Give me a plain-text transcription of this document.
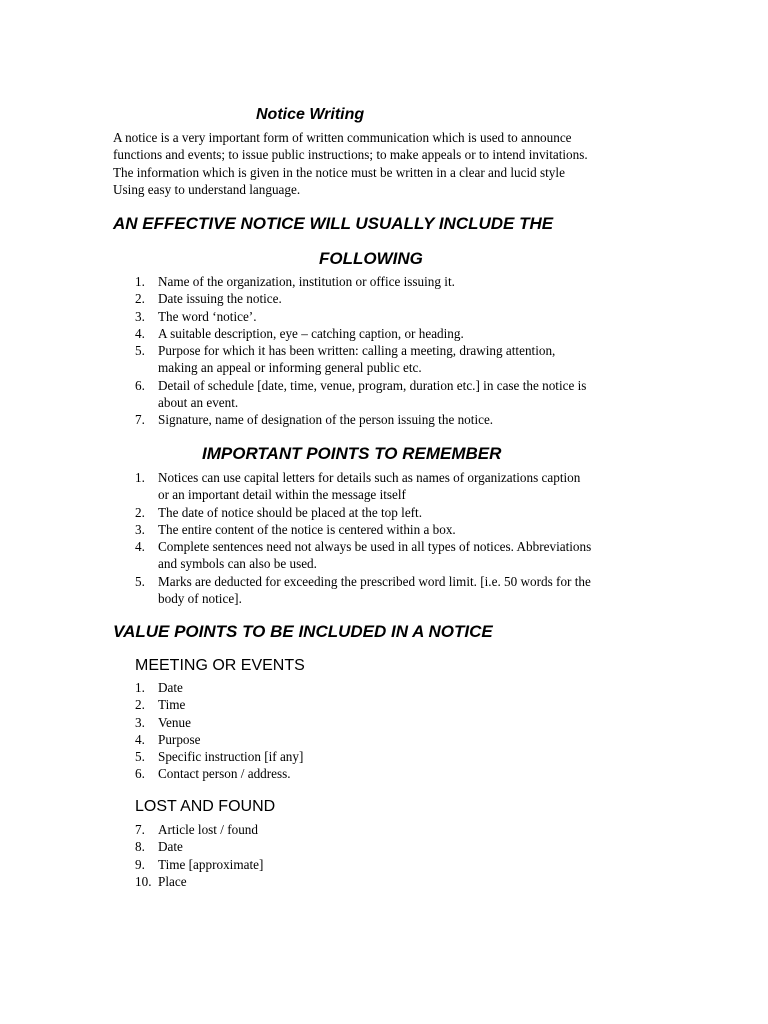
Notice Writing
A notice is a very important form of written communication which is used to announce
functions and events; to issue public instructions; to make appeals or to intend invitations.
The information which is given in the notice must be written in a clear and lucid style
Using easy to understand language.
AN EFFECTIVE NOTICE WILL USUALLY INCLUDE THE
FOLLOWING
1. Name of the organization, institution or office issuing it.
2. Date issuing the notice.
3. The word ‘notice’.
4. A suitable description, eye – catching caption, or heading.
5. Purpose for which it has been written: calling a meeting, drawing attention,
making an appeal or informing general public etc.
6. Detail of schedule [date, time, venue, program, duration etc.] in case the notice is
about an event.
7. Signature, name of designation of the person issuing the notice.
IMPORTANT POINTS TO REMEMBER
1. Notices can use capital letters for details such as names of organizations caption
or an important detail within the message itself
2. The date of notice should be placed at the top left.
3. The entire content of the notice is centered within a box.
4. Complete sentences need not always be used in all types of notices. Abbreviations
and symbols can also be used.
5. Marks are deducted for exceeding the prescribed word limit. [i.e. 50 words for the
body of notice].
VALUE POINTS TO BE INCLUDED IN A NOTICE
MEETING OR EVENTS
1. Date
2. Time
3. Venue
4. Purpose
5. Specific instruction [if any]
6. Contact person / address.
LOST AND FOUND
7. Article lost / found
8. Date
9. Time [approximate]
10. Place
